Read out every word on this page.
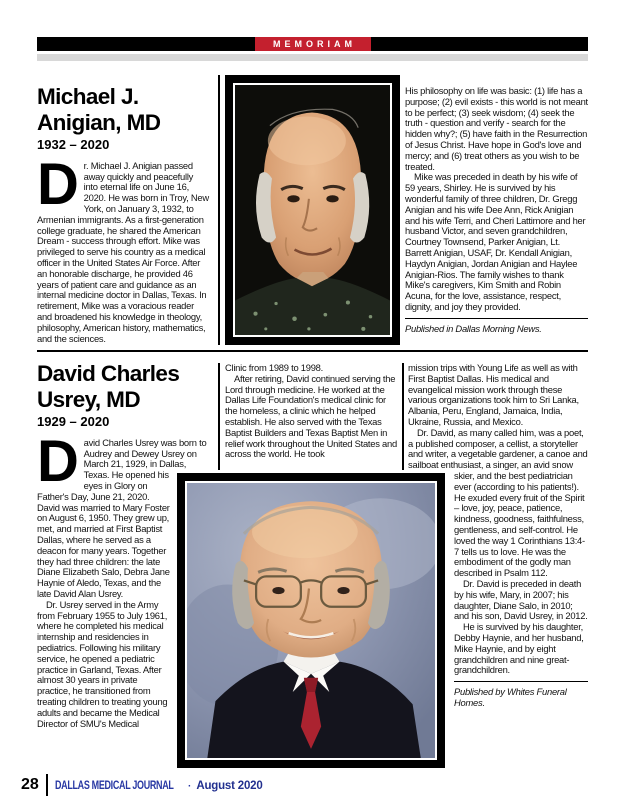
MEMORIAM
Michael J.
Anigian, MD
1932 – 2020
Dr. Michael J. Anigian passed away quickly and peacefully into eternal life on June 16, 2020. He was born in Troy, New York, on January 3, 1932, to Armenian immigrants. As a first-generation college graduate, he shared the American Dream - success through effort. Mike was privileged to serve his country as a medical officer in the United States Air Force. After an honorable discharge, he provided 46 years of patient care and guidance as an internal medicine doctor in Dallas, Texas. In retirement, Mike was a voracious reader and broadened his knowledge in theology, philosophy, American history, mathematics, and the sciences.

His philosophy on life was basic: (1) life has a purpose; (2) evil exists - this world is not meant to be perfect; (3) seek wisdom; (4) seek the truth - question and verify - search for the hidden why?; (5) have faith in the Resurrection of Jesus Christ. Have hope in God's love and mercy; and (6) treat others as you wish to be treated.

Mike was preceded in death by his wife of 59 years, Shirley. He is survived by his wonderful family of three children, Dr. Gregg Anigian and his wife Dee Ann, Rick Anigian and his wife Terri, and Cheri Lattimore and her husband Victor, and seven grandchildren, Courtney Townsend, Parker Anigian, Lt. Barrett Anigian, USAF, Dr. Kendall Anigian, Haydyn Anigian, Jordan Anigian and Haylee Anigian-Rios. The family wishes to thank Mike's caregivers, Kim Smith and Robin Acuna, for the love, assistance, respect, dignity, and joy they provided.

Published in Dallas Morning News.
David Charles
Usrey, MD
1929 – 2020
David Charles Usrey was born to Audrey and Dewey Usrey on March 21, 1929, in Dallas, Texas. He opened his eyes in Glory on Father's Day, June 21, 2020. David was married to Mary Foster on August 6, 1950. They grew up, met, and married at First Baptist Dallas, where he served as a deacon for many years. Together they had three children: the late Diane Elizabeth Salo, Debra Jane Haynie of Aledo, Texas, and the late David Alan Usrey.

Dr. Usrey served in the Army from February 1955 to July 1961, where he completed his medical internship and residencies in pediatrics. Following his military service, he opened a pediatric practice in Garland, Texas. After almost 30 years in private practice, he transitioned from treating children to treating young adults and became the Medical Director of SMU's Medical

Clinic from 1989 to 1998.

After retiring, David continued serving the Lord through medicine. He worked at the Dallas Life Foundation's medical clinic for the homeless, a clinic which he helped establish. He also served with the Texas Baptist Builders and Texas Baptist Men in relief work throughout the United States and across the world. He took

mission trips with Young Life as well as with First Baptist Dallas. His medical and evangelical mission work through these various organizations took him to Sri Lanka, Albania, Peru, England, Jamaica, India, Ukraine, Russia, and Mexico.

Dr. David, as many called him, was a poet, a published composer, a cellist, a storyteller and writer, a vegetable gardener, a canoe and sailboat enthusiast, a singer, an avid snow skier, and the best pediatrician ever (according to his patients!). He exuded every fruit of the Spirit – love, joy, peace, patience, kindness, goodness, faithfulness, gentleness, and self-control. He loved the way 1 Corinthians 13:4-7 tells us to love. He was the embodiment of the godly man described in Psalm 112.

Dr. David is preceded in death by his wife, Mary, in 2007; his daughter, Diane Salo, in 2010; and his son, David Usrey, in 2012.

He is survived by his daughter, Debby Haynie, and her husband, Mike Haynie, and by eight grandchildren and nine great-grandchildren.

Published by Whites Funeral Homes.
28 DALLAS MEDICAL JOURNAL · August 2020
